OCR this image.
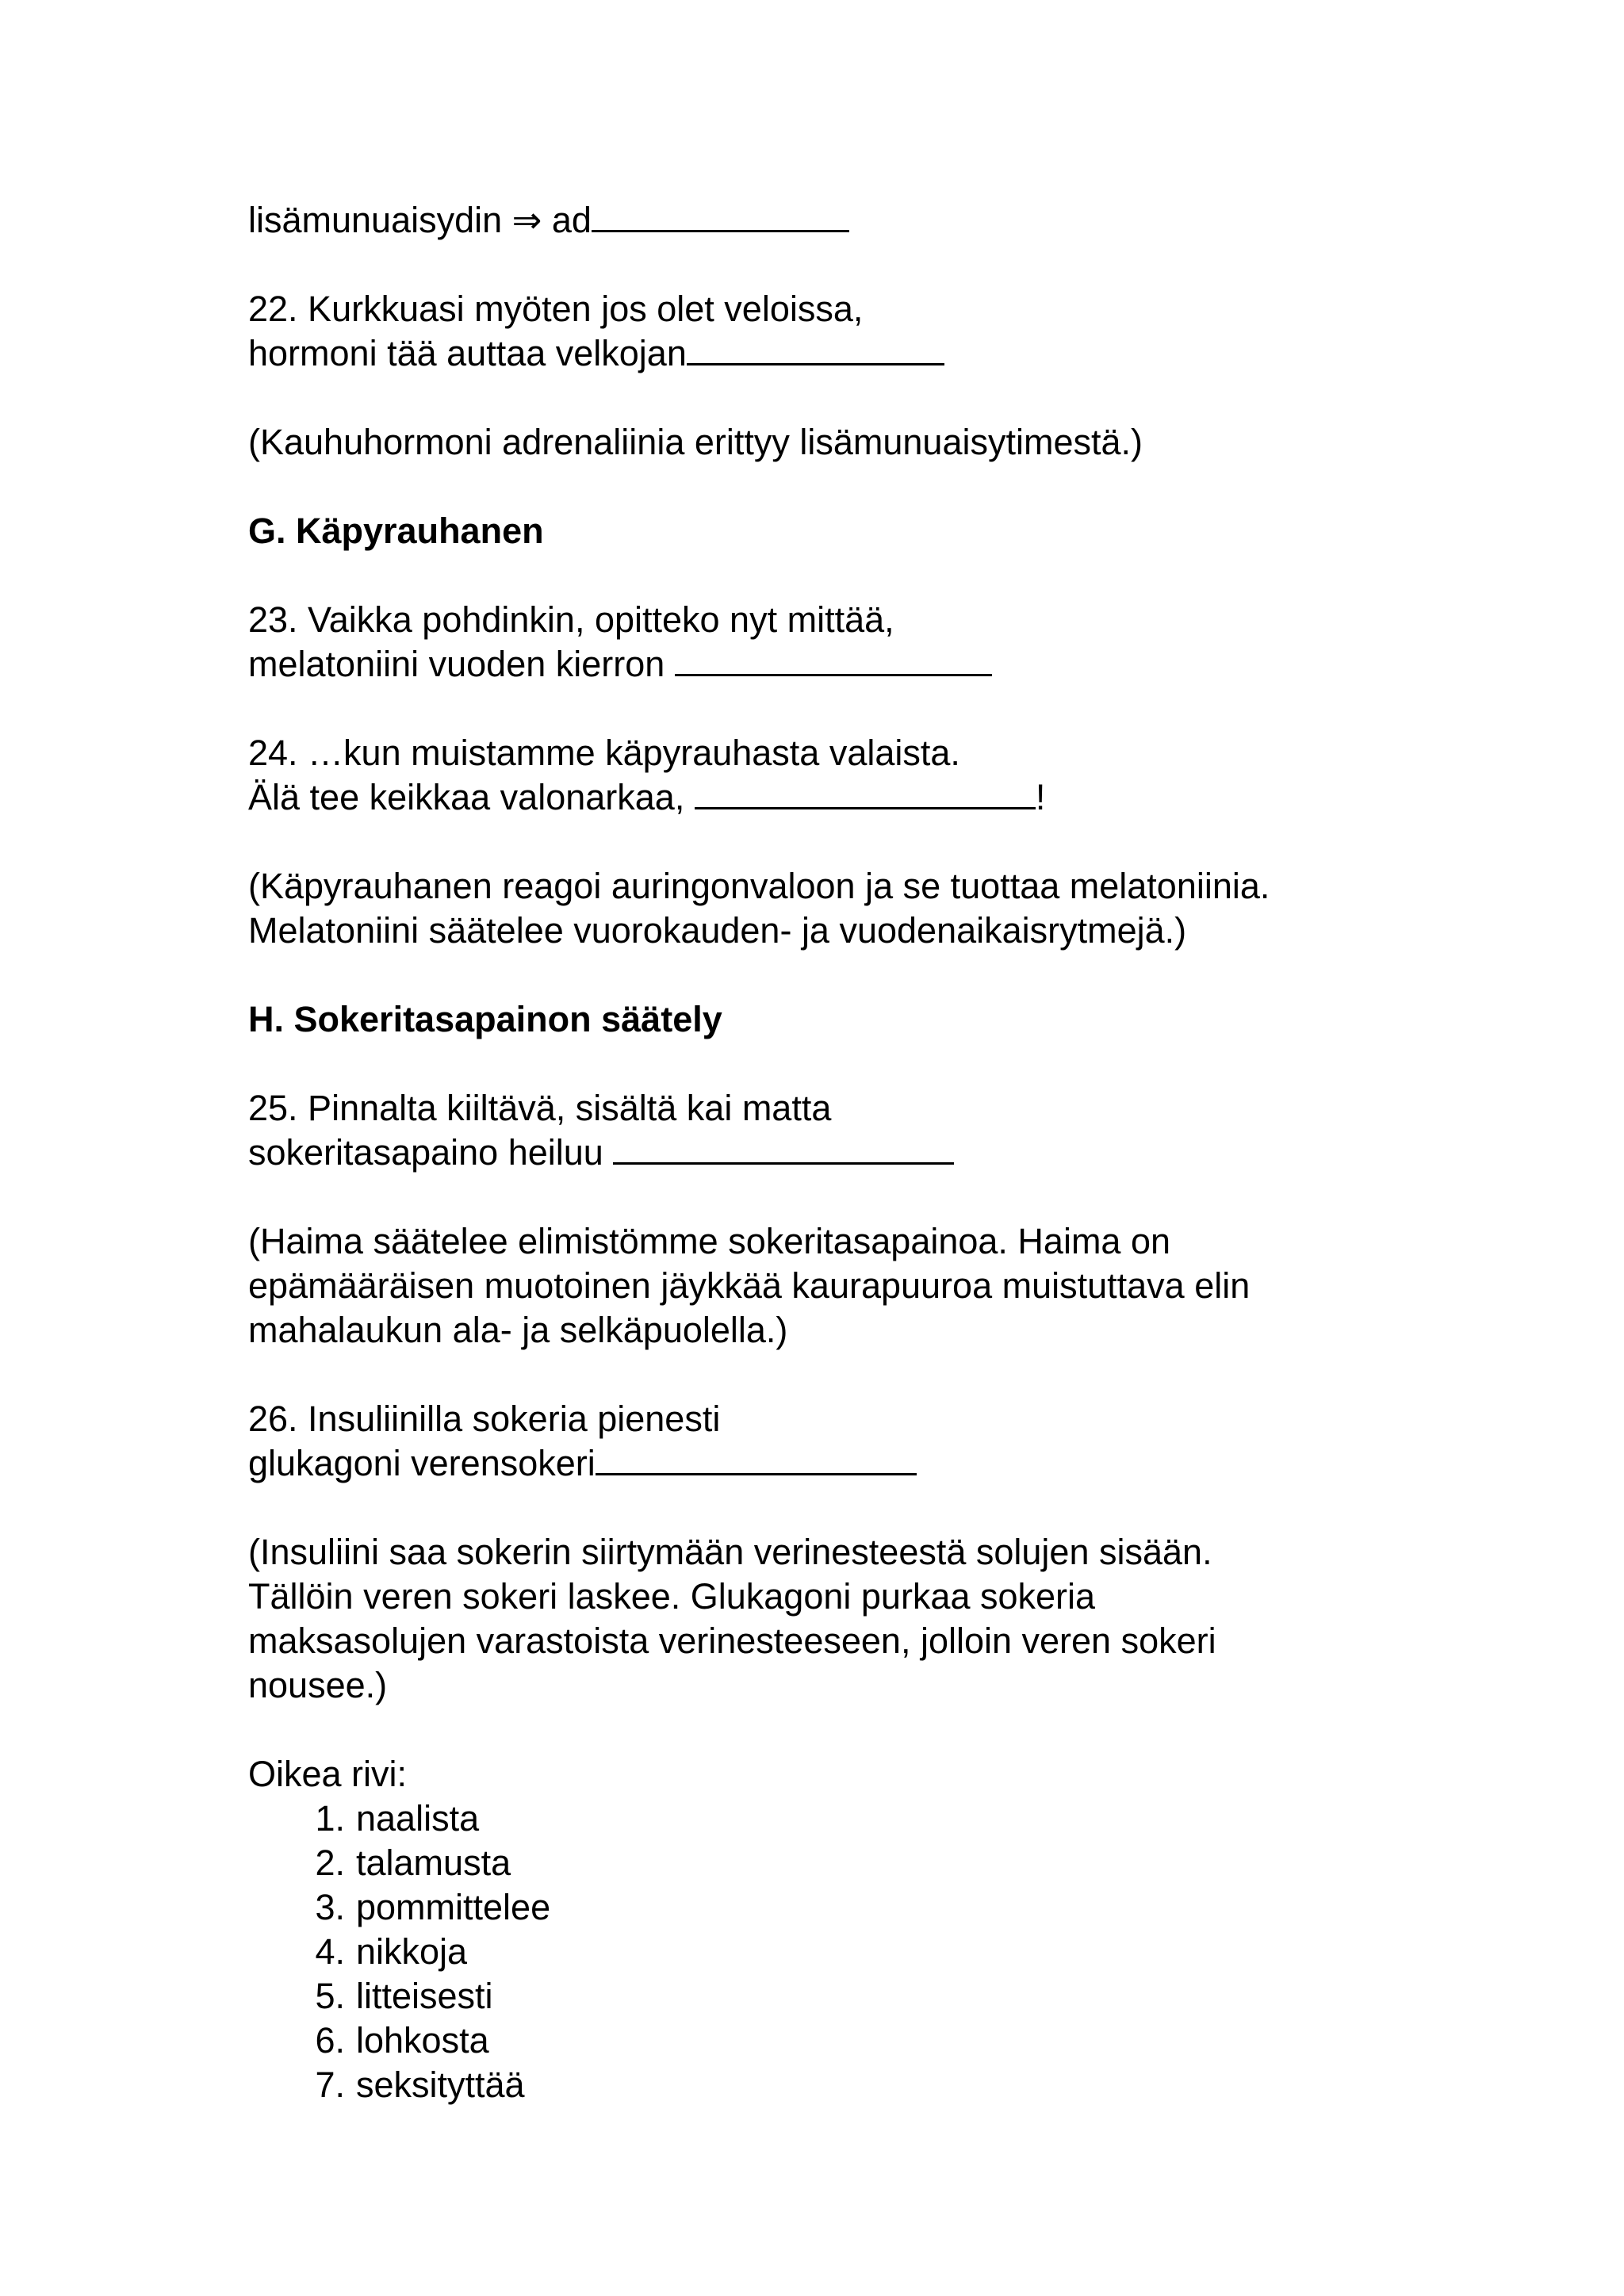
lisämunuaisydin ⇒ ad
22. Kurkkuasi myöten jos olet veloissa,
hormoni tää auttaa velkojan
(Kauhuhormoni adrenaliinia erittyy lisämunuaisytimestä.)
G. Käpyrauhanen
23. Vaikka pohdinkin, opitteko nyt mittää,
melatoniini vuoden kierron
24. …kun muistamme käpyrauhasta valaista.
Älä tee keikkaa valonarkaa,	!
(Käpyrauhanen reagoi auringonvaloon ja se tuottaa melatoniinia.
Melatoniini säätelee vuorokauden- ja vuodenaikaisrytmejä.)
H. Sokeritasapainon säätely
25. Pinnalta kiiltävä, sisältä kai matta
sokeritasapaino heiluu
(Haima säätelee elimistömme sokeritasapainoa. Haima on
epämääräisen muotoinen jäykkää kaurapuuroa muistuttava elin
mahalaukun ala- ja selkäpuolella.)
26. Insuliinilla sokeria pienesti
glukagoni verensokeri
(Insuliini saa sokerin siirtymään verinesteestä solujen sisään.
Tällöin veren sokeri laskee. Glukagoni purkaa sokeria
maksasolujen varastoista verinesteeseen, jolloin veren sokeri
nousee.)
Oikea rivi:
1. naalista
2. talamusta
3. pommittelee
4. nikkoja
5. litteisesti
6. lohkosta
7. seksityttää
